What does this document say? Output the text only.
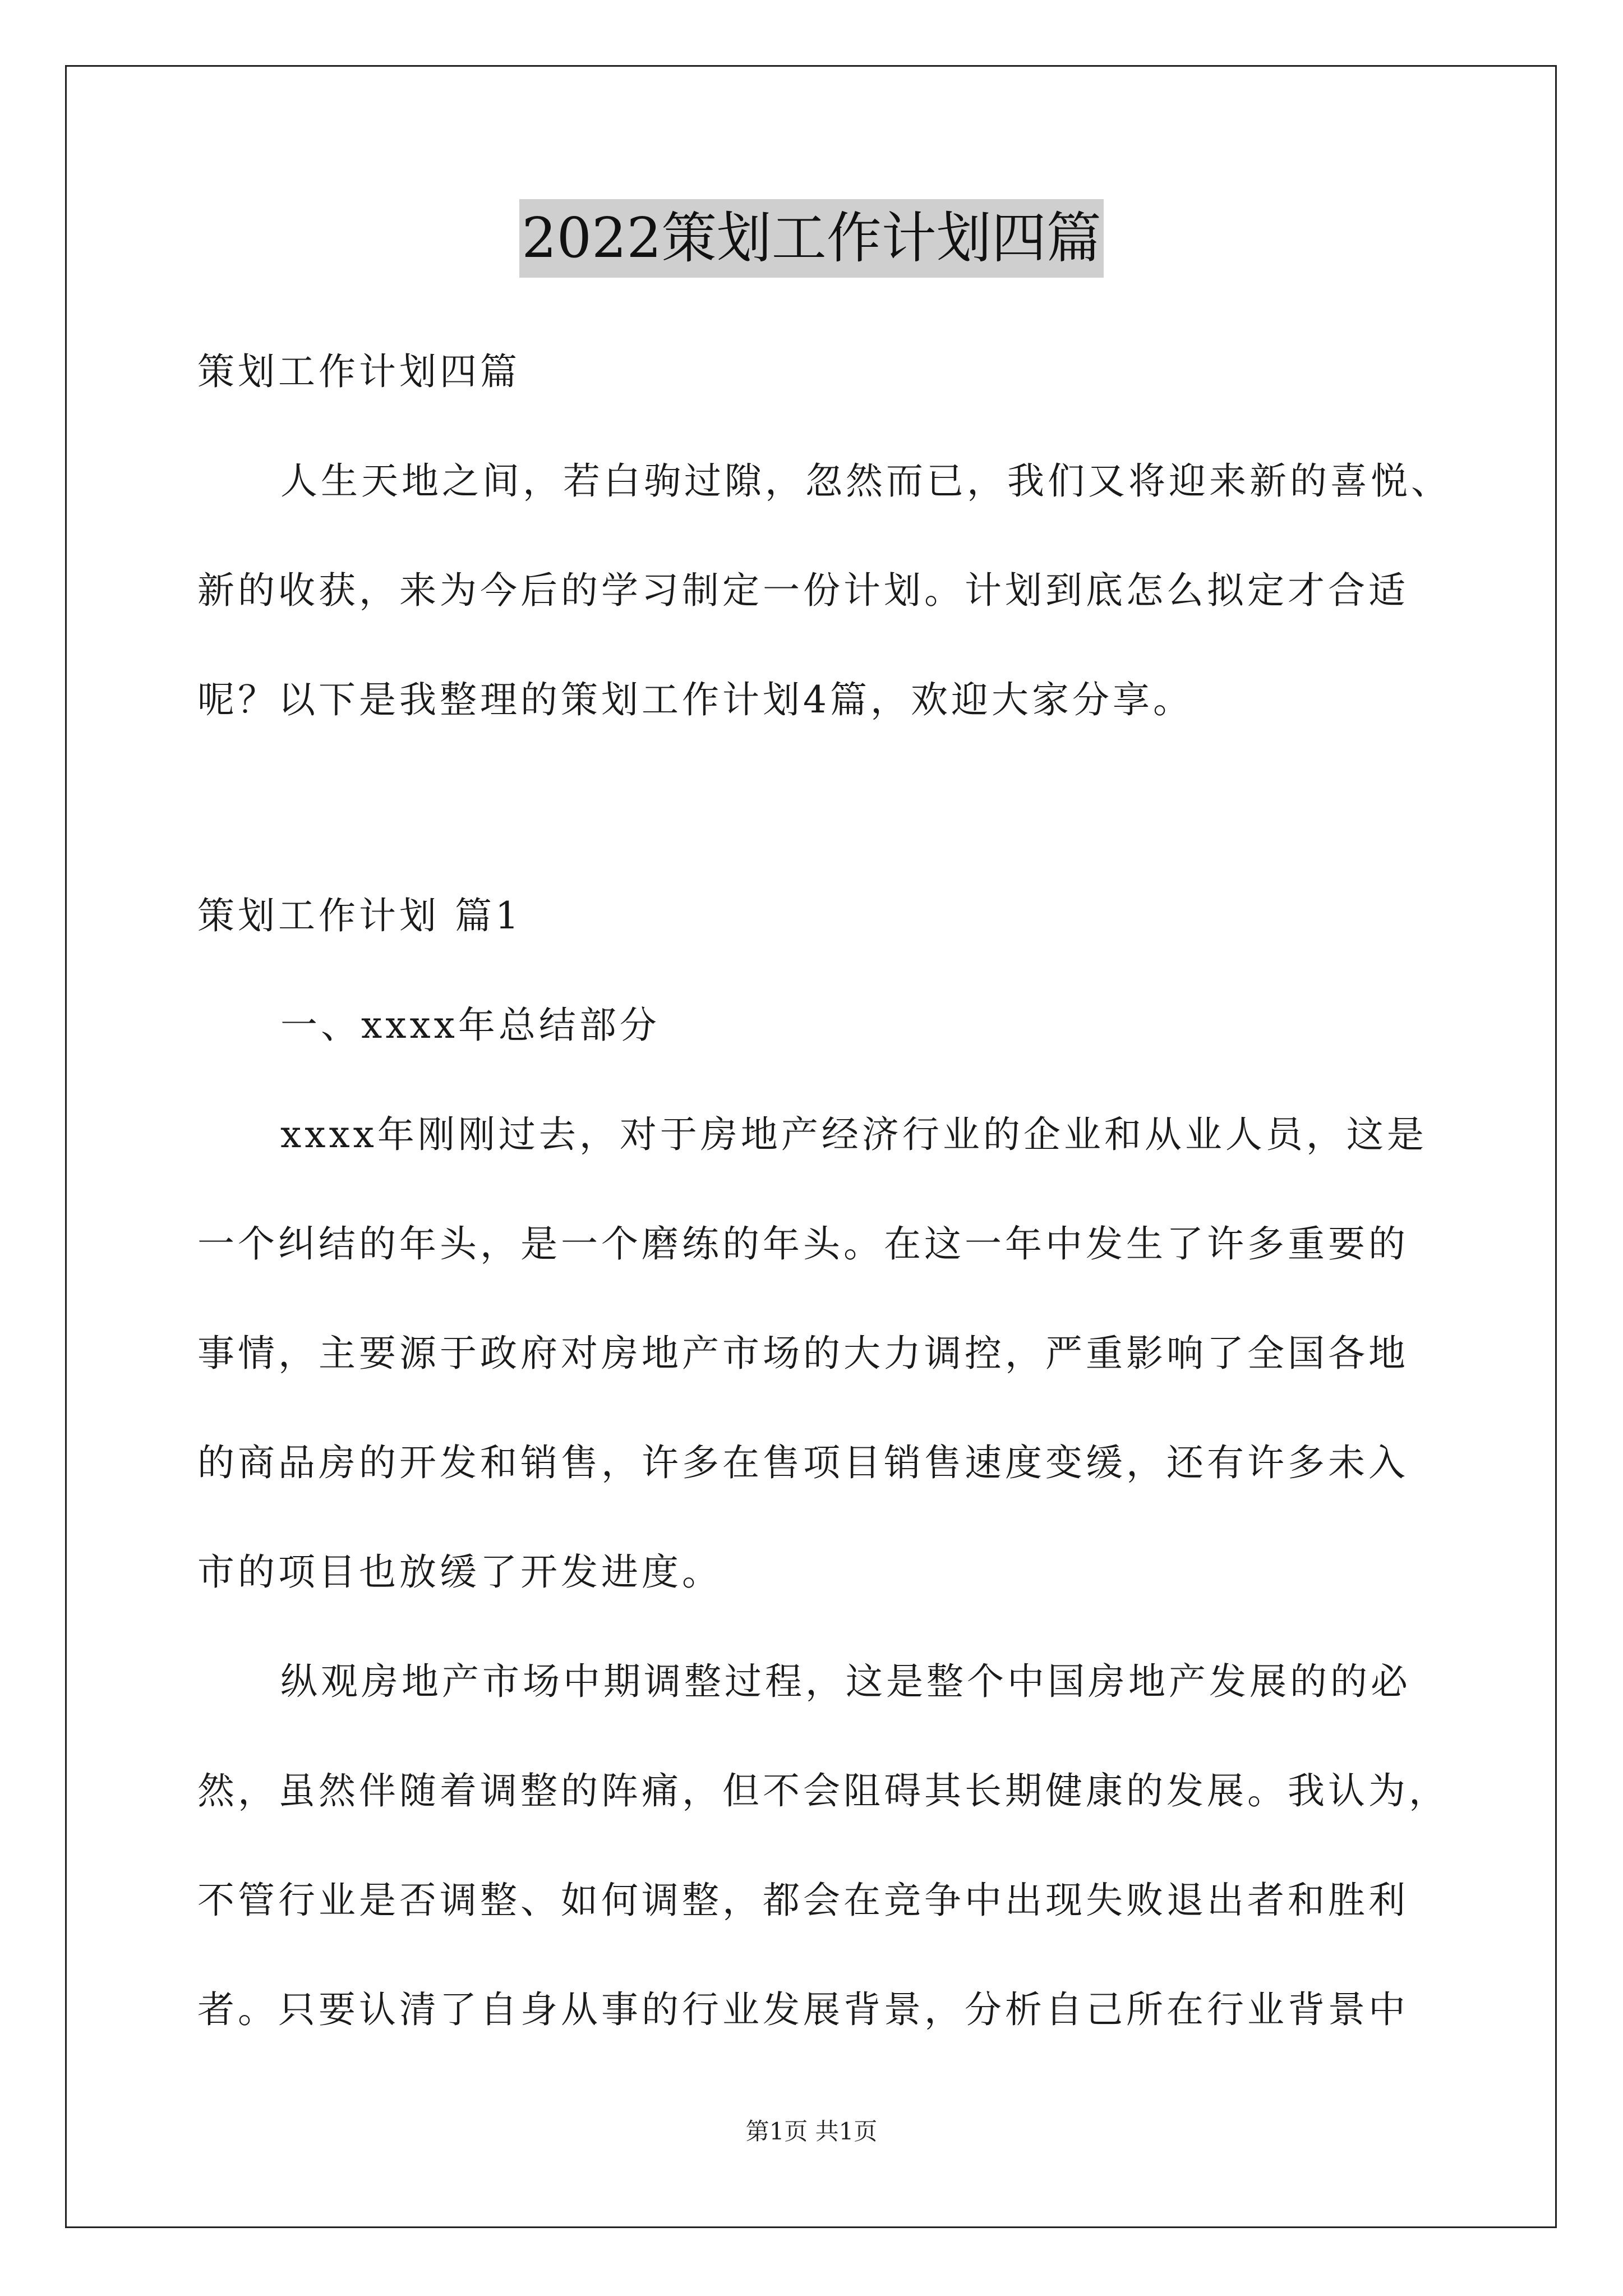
2022策划工作计划四篇
策划工作计划四篇
人生天地之间，若白驹过隙，忽然而已，我们又将迎来新的喜悦、
新的收获，来为今后的学习制定一份计划。计划到底怎么拟定才合适
呢？以下是我整理的策划工作计划4篇，欢迎大家分享。
策划工作计划 篇1
一、xxxx年总结部分
xxxx年刚刚过去，对于房地产经济行业的企业和从业人员，这是
一个纠结的年头，是一个磨练的年头。在这一年中发生了许多重要的
事情，主要源于政府对房地产市场的大力调控，严重影响了全国各地
的商品房的开发和销售，许多在售项目销售速度变缓，还有许多未入
市的项目也放缓了开发进度。
纵观房地产市场中期调整过程，这是整个中国房地产发展的的必
然，虽然伴随着调整的阵痛，但不会阻碍其长期健康的发展。我认为，
不管行业是否调整、如何调整，都会在竞争中出现失败退出者和胜利
者。只要认清了自身从事的行业发展背景，分析自己所在行业背景中
第1页 共1页
